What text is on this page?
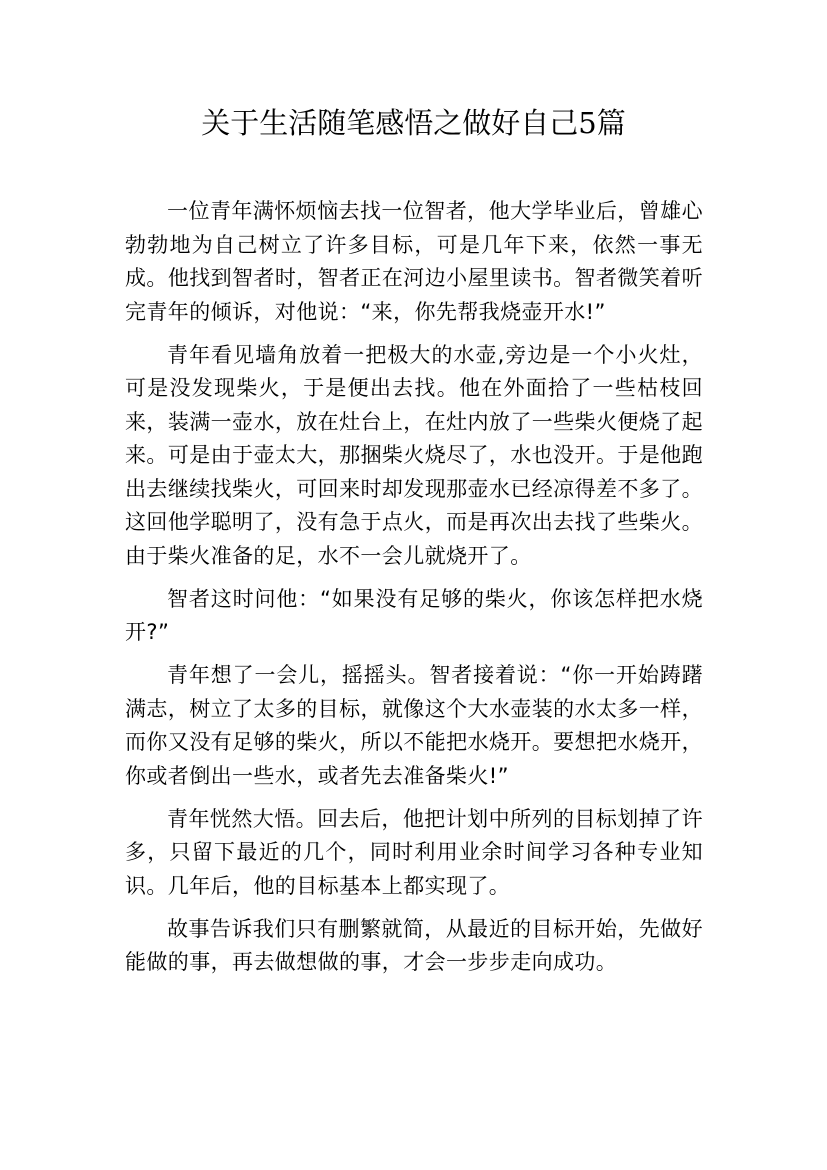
关于生活随笔感悟之做好自己5篇

一位青年满怀烦恼去找一位智者，他大学毕业后，曾雄心勃勃地为自己树立了许多目标，可是几年下来，依然一事无成。他找到智者时，智者正在河边小屋里读书。智者微笑着听完青年的倾诉，对他说：“来，你先帮我烧壶开水!”

青年看见墙角放着一把极大的水壶,旁边是一个小火灶，可是没发现柴火，于是便出去找。他在外面拾了一些枯枝回来，装满一壶水，放在灶台上，在灶内放了一些柴火便烧了起来。可是由于壶太大，那捆柴火烧尽了，水也没开。于是他跑出去继续找柴火，可回来时却发现那壶水已经凉得差不多了。这回他学聪明了，没有急于点火，而是再次出去找了些柴火。由于柴火准备的足，水不一会儿就烧开了。

智者这时问他：“如果没有足够的柴火，你该怎样把水烧开?”

青年想了一会儿，摇摇头。智者接着说：“你一开始踌躇满志，树立了太多的目标，就像这个大水壶装的水太多一样，而你又没有足够的柴火，所以不能把水烧开。要想把水烧开，你或者倒出一些水，或者先去准备柴火!”

青年恍然大悟。回去后，他把计划中所列的目标划掉了许多，只留下最近的几个，同时利用业余时间学习各种专业知识。几年后，他的目标基本上都实现了。

故事告诉我们只有删繁就简，从最近的目标开始，先做好能做的事，再去做想做的事，才会一步步走向成功。
